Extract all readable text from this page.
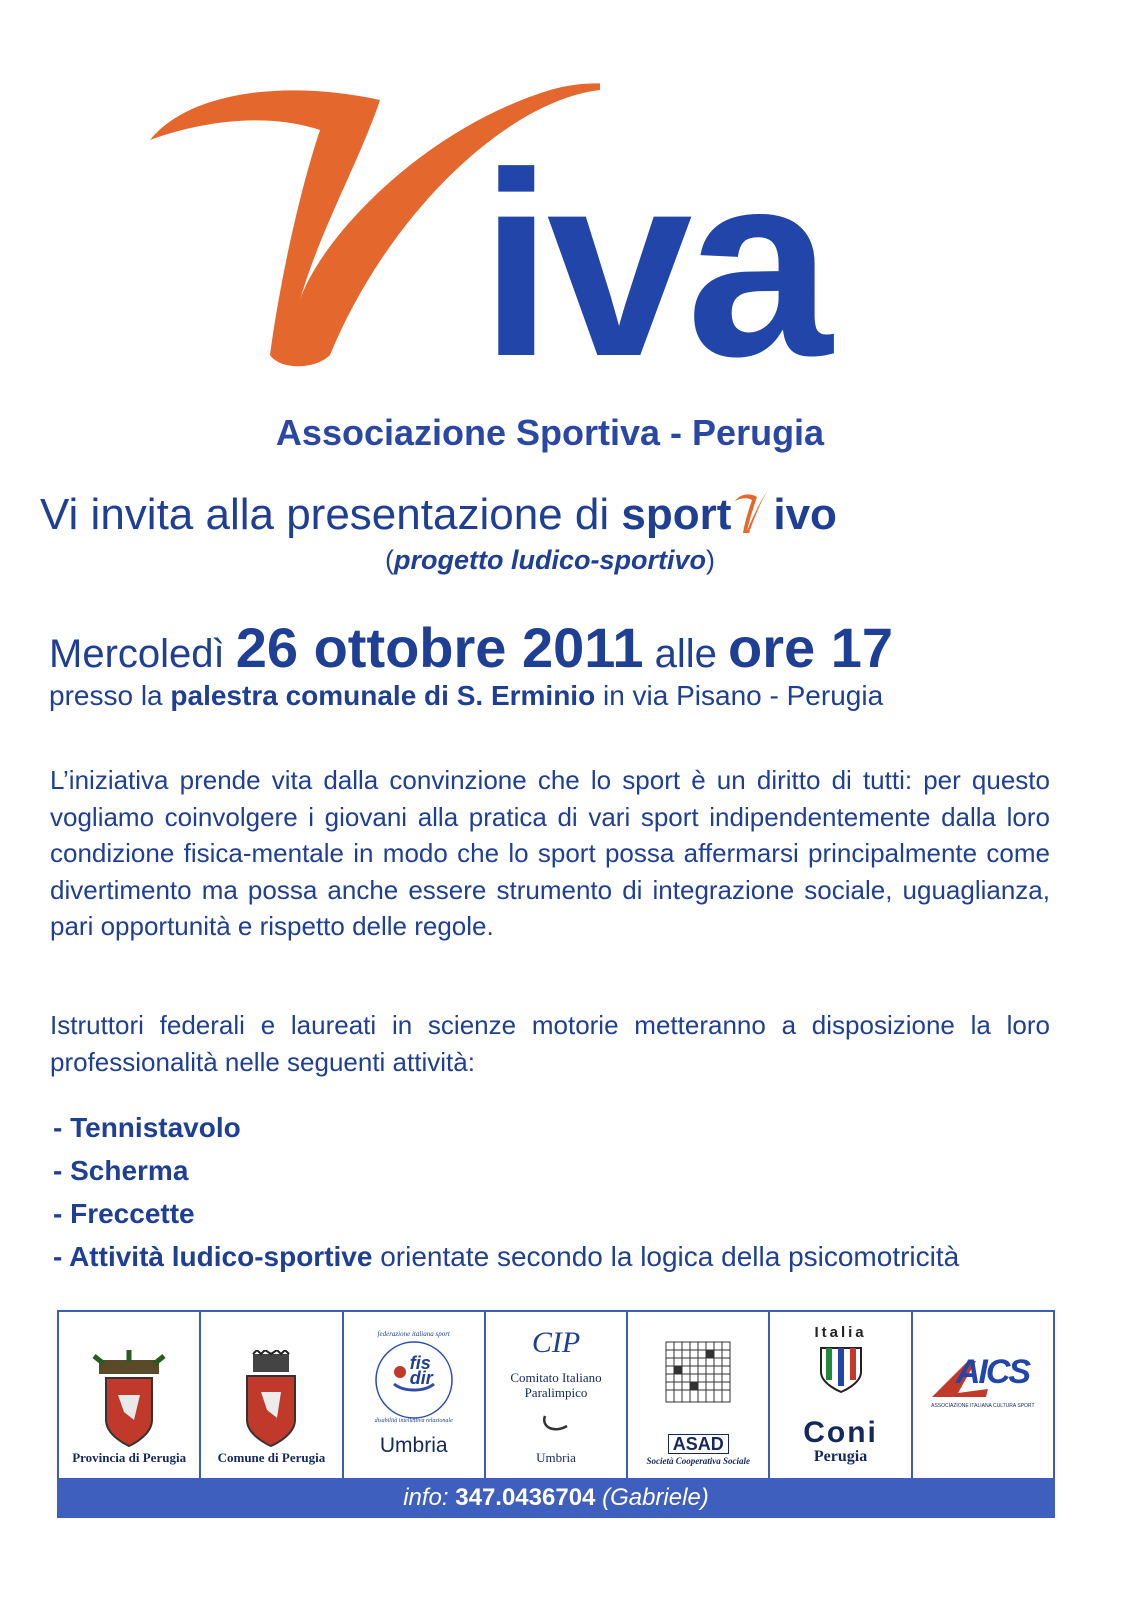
iva
Associazione Sportiva - Perugia
Vi invita alla presentazione di sport ivo
(progetto ludico-sportivo)
Mercoledì 26 ottobre 2011 alle ore 17
presso la palestra comunale di S. Erminio in via Pisano - Perugia
L’iniziativa prende vita dalla convinzione che lo sport è un diritto di tutti: per questo vogliamo coinvolgere i giovani alla pratica di vari sport indipendentemente dalla loro condizione fisica-mentale in modo che lo sport possa affermarsi principalmente come divertimento ma possa anche essere strumento di integrazione sociale, uguaglianza, pari opportunità e rispetto delle regole.
Istruttori federali e laureati in scienze motorie metteranno a disposizione la loro professionalità nelle seguenti attività:
- Tennistavolo
- Scherma
- Freccette
- Attività ludico-sportive orientate secondo la logica della psicomotricità
Provincia di Perugia Comune di Perugia
fis
dir
federazione italiana sport
disabilità intellettiva relazionale
Umbria
CIP
Comitato Italiano
Paralimpico
Umbria
ASAD
Società Cooperativa Sociale
Italia
Coni
Perugia
AICS
ASSOCIAZIONE ITALIANA CULTURA SPORT
info: 347.0436704 (Gabriele)
